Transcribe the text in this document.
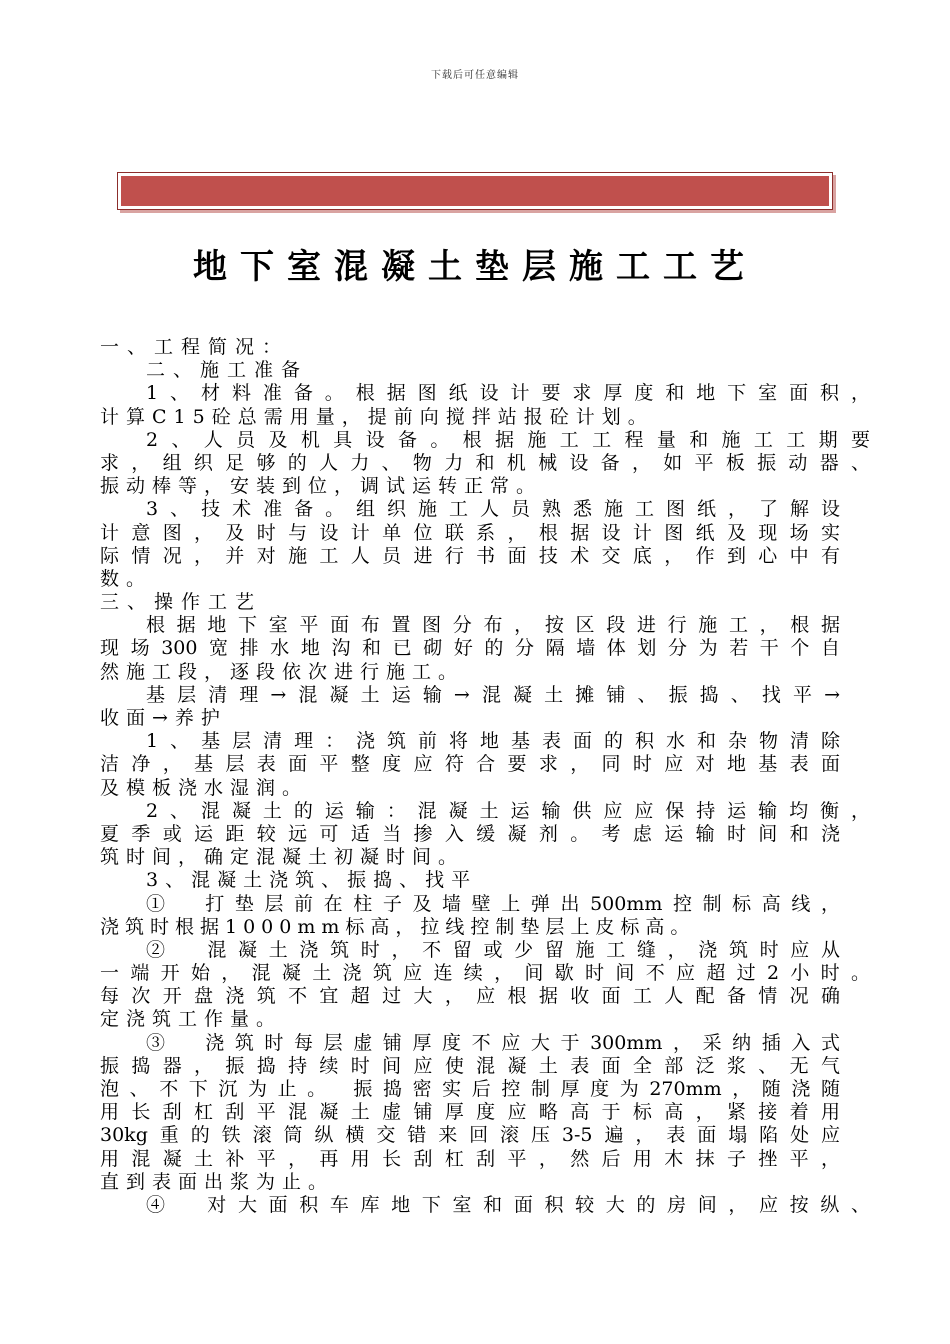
下载后可任意编辑
地下室混凝土垫层施工工艺
一、工程简况：
二、施工准备
1、材料准备。根据图纸设计要求厚度和地下室面积，
计算C15砼总需用量，提前向搅拌站报砼计划。
2、人员及机具设备。根据施工工程量和施工工期要
求，组织足够的人力、物力和机械设备，如平板振动器、
振动棒等，安装到位，调试运转正常。
3、技术准备。组织施工人员熟悉施工图纸，了解设
计意图，及时与设计单位联系，根据设计图纸及现场实
际情况，并对施工人员进行书面技术交底，作到心中有
数。
三、操作工艺
根据地下室平面布置图分布，按区段进行施工，根据
现场300宽排水地沟和已砌好的分隔墙体划分为若干个自
然施工段，逐段依次进行施工。
基层清理→混凝土运输→混凝土摊铺、振捣、找平→
收面→养护
1、基层清理：浇筑前将地基表面的积水和杂物清除
洁净，基层表面平整度应符合要求，同时应对地基表面
及模板浇水湿润。
2、混凝土的运输：混凝土运输供应应保持运输均衡，
夏季或运距较远可适当掺入缓凝剂。考虑运输时间和浇
筑时间，确定混凝土初凝时间。
3、混凝土浇筑、振捣、找平
①　打垫层前在柱子及墙壁上弹出500mm控制标高线，
浇筑时根据1000mm标高，拉线控制垫层上皮标高。
②　混凝土浇筑时，不留或少留施工缝，浇筑时应从
一端开始，混凝土浇筑应连续，间歇时间不应超过2小时。
每次开盘浇筑不宜超过大，应根据收面工人配备情况确
定浇筑工作量。
③　浇筑时每层虚铺厚度不应大于300mm，采纳插入式
振捣器，振捣持续时间应使混凝土表面全部泛浆、无气
泡、不下沉为止。 振捣密实后控制厚度为270mm，随浇随
用长刮杠刮平混凝土虚铺厚度应略高于标高，紧接着用
30kg重的铁滚筒纵横交错来回滚压3-5遍，表面塌陷处应
用混凝土补平，再用长刮杠刮平，然后用木抹子挫平，
直到表面出浆为止。
④　对大面积车库地下室和面积较大的房间，应按纵、
